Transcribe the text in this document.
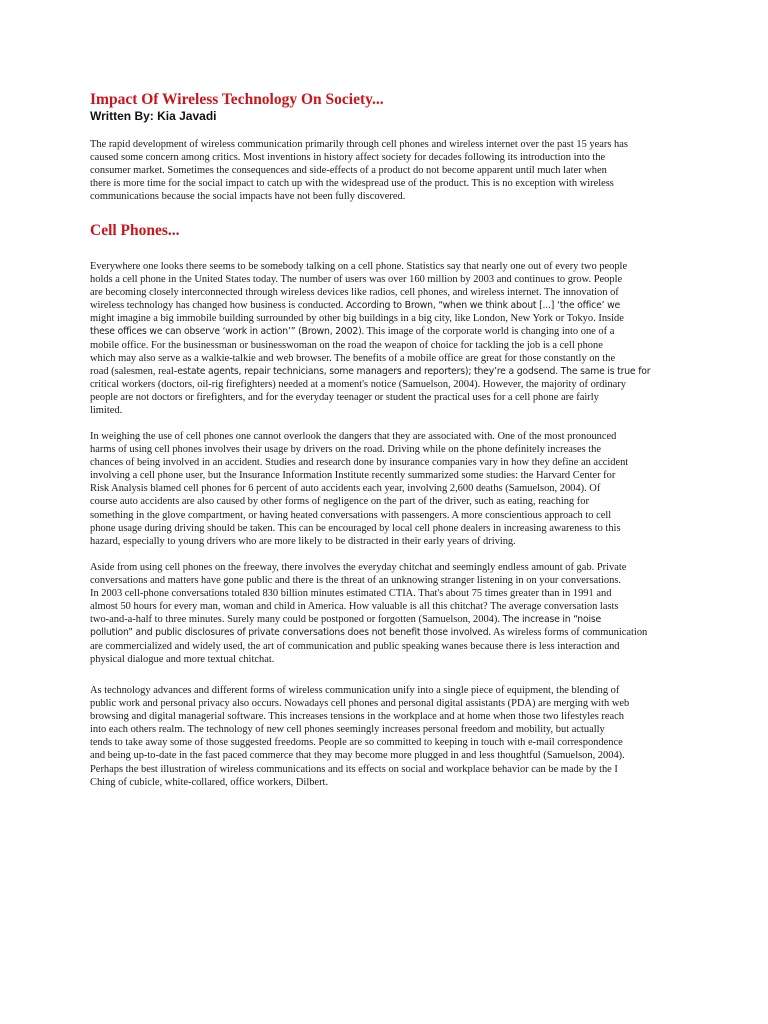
Impact Of Wireless Technology On Society...
Written By: Kia Javadi
The rapid development of wireless communication primarily through cell phones and wireless internet over the past 15 years has
caused some concern among critics. Most inventions in history affect society for decades following its introduction into the
consumer market. Sometimes the consequences and side-effects of a product do not become apparent until much later when
there is more time for the social impact to catch up with the widespread use of the product. This is no exception with wireless
communications because the social impacts have not been fully discovered.
Cell Phones...
Everywhere one looks there seems to be somebody talking on a cell phone. Statistics say that nearly one out of every two people
holds a cell phone in the United States today. The number of users was over 160 million by 2003 and continues to grow. People
are becoming closely interconnected through wireless devices like radios, cell phones, and wireless internet. The innovation of
wireless technology has changed how business is conducted. According to Brown, “when we think about [...] ‘the office’ we
might imagine a big immobile building surrounded by other big buildings in a big city, like London, New York or Tokyo. Inside
these offices we can observe ‘work in action’” (Brown, 2002). This image of the corporate world is changing into one of a
mobile office. For the businessman or businesswoman on the road the weapon of choice for tackling the job is a cell phone
which may also serve as a walkie-talkie and web browser. The benefits of a mobile office are great for those constantly on the
road (salesmen, real-estate agents, repair technicians, some managers and reporters); they’re a godsend. The same is true for
critical workers (doctors, oil-rig firefighters) needed at a moment's notice (Samuelson, 2004). However, the majority of ordinary
people are not doctors or firefighters, and for the everyday teenager or student the practical uses for a cell phone are fairly
limited.
In weighing the use of cell phones one cannot overlook the dangers that they are associated with. One of the most pronounced
harms of using cell phones involves their usage by drivers on the road. Driving while on the phone definitely increases the
chances of being involved in an accident. Studies and research done by insurance companies vary in how they define an accident
involving a cell phone user, but the Insurance Information Institute recently summarized some studies: the Harvard Center for
Risk Analysis blamed cell phones for 6 percent of auto accidents each year, involving 2,600 deaths (Samuelson, 2004). Of
course auto accidents are also caused by other forms of negligence on the part of the driver, such as eating, reaching for
something in the glove compartment, or having heated conversations with passengers. A more conscientious approach to cell
phone usage during driving should be taken. This can be encouraged by local cell phone dealers in increasing awareness to this
hazard, especially to young drivers who are more likely to be distracted in their early years of driving.
Aside from using cell phones on the freeway, there involves the everyday chitchat and seemingly endless amount of gab. Private
conversations and matters have gone public and there is the threat of an unknowing stranger listening in on your conversations.
In 2003 cell-phone conversations totaled 830 billion minutes estimated CTIA. That's about 75 times greater than in 1991 and
almost 50 hours for every man, woman and child in America. How valuable is all this chitchat? The average conversation lasts
two-and-a-half to three minutes. Surely many could be postponed or forgotten (Samuelson, 2004). The increase in “noise
pollution” and public disclosures of private conversations does not benefit those involved. As wireless forms of communication
are commercialized and widely used, the art of communication and public speaking wanes because there is less interaction and
physical dialogue and more textual chitchat.
As technology advances and different forms of wireless communication unify into a single piece of equipment, the blending of
public work and personal privacy also occurs. Nowadays cell phones and personal digital assistants (PDA) are merging with web
browsing and digital managerial software. This increases tensions in the workplace and at home when those two lifestyles reach
into each others realm. The technology of new cell phones seemingly increases personal freedom and mobility, but actually
tends to take away some of those suggested freedoms. People are so committed to keeping in touch with e-mail correspondence
and being up-to-date in the fast paced commerce that they may become more plugged in and less thoughtful (Samuelson, 2004).
Perhaps the best illustration of wireless communications and its effects on social and workplace behavior can be made by the I
Ching of cubicle, white-collared, office workers, Dilbert.
